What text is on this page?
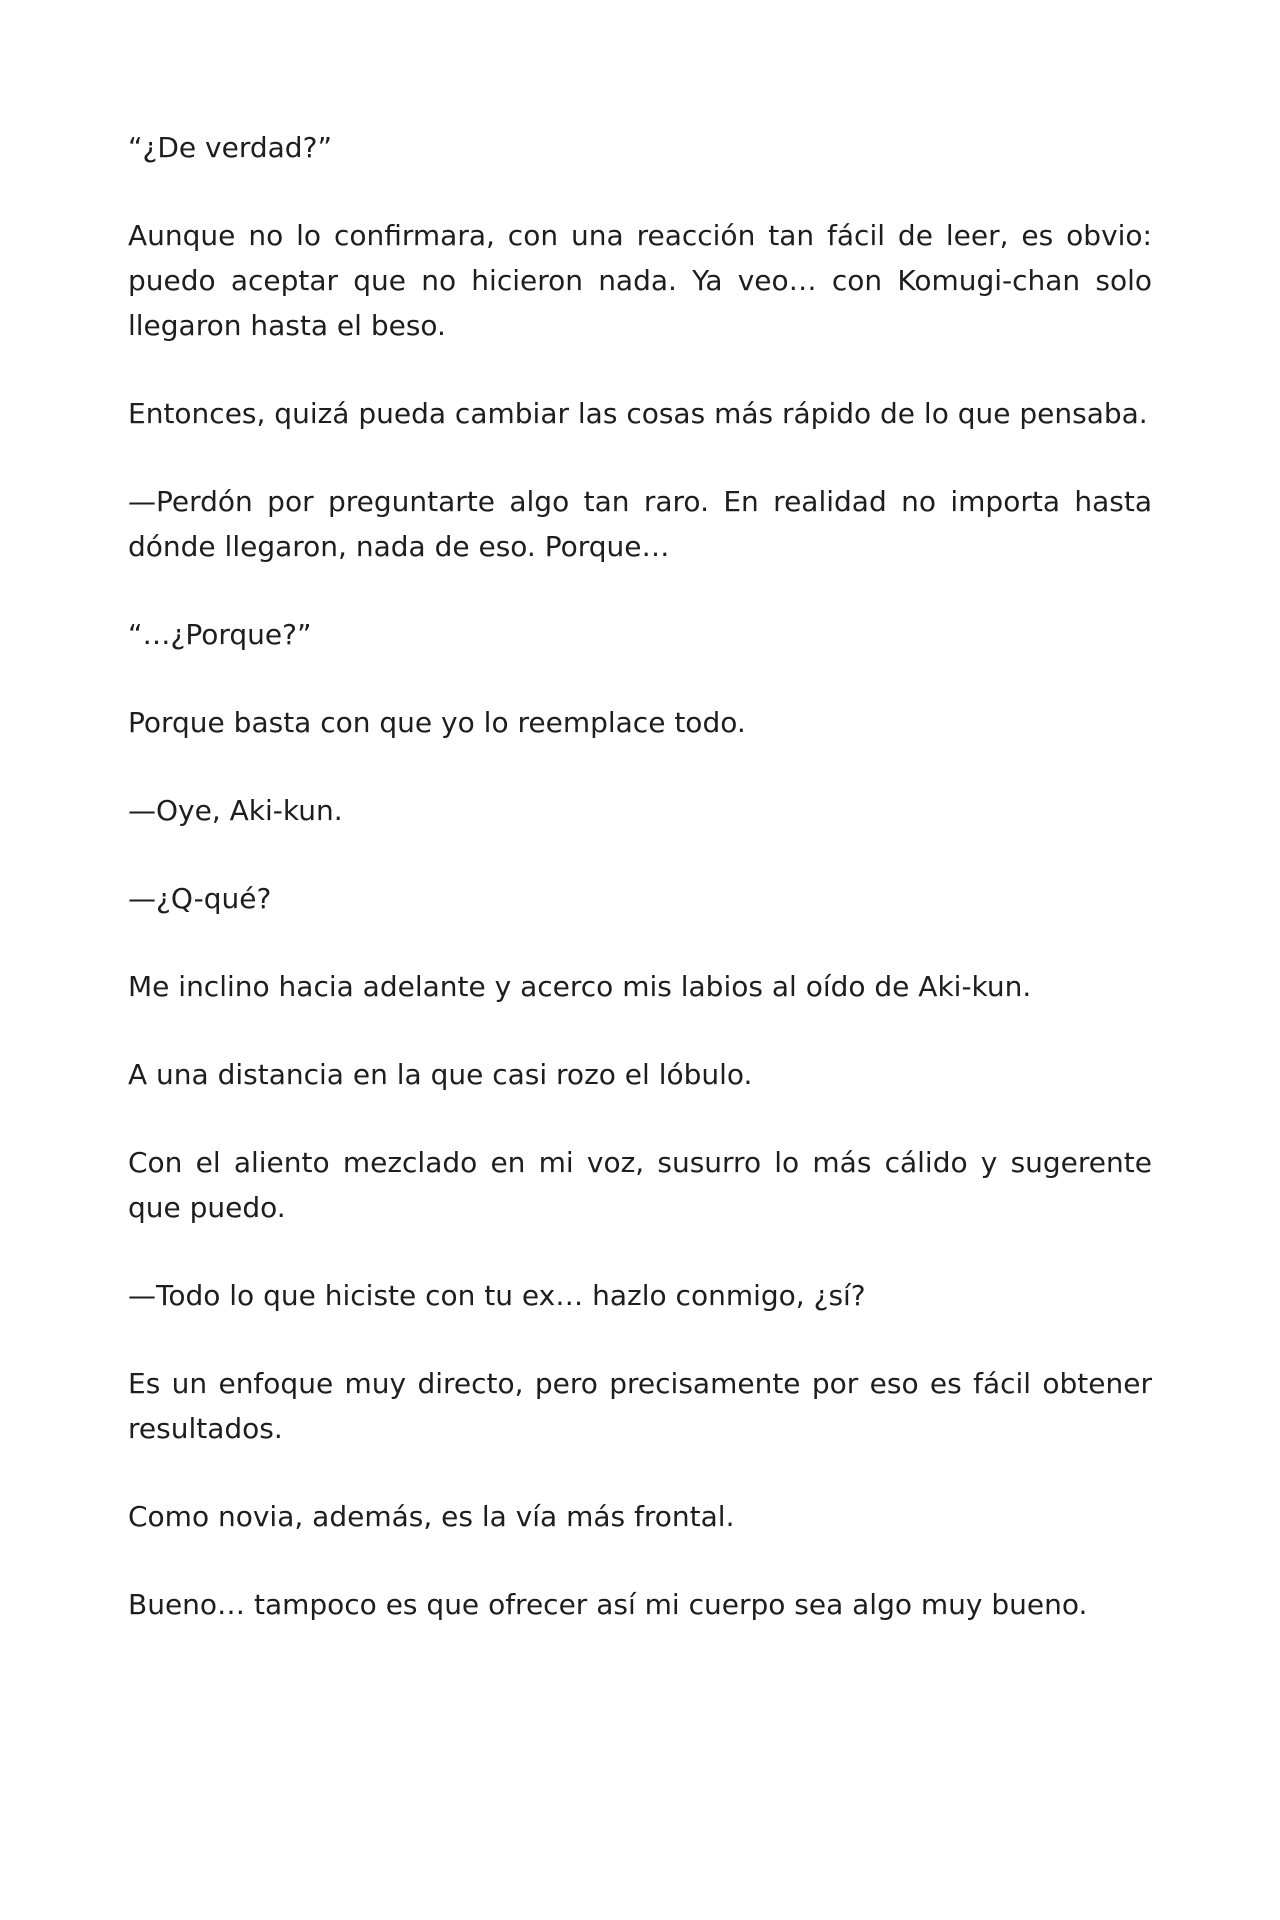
“¿De verdad?”

Aunque no lo confirmara, con una reacción tan fácil de leer, es obvio: puedo aceptar que no hicieron nada. Ya veo… con Komugi-chan solo llegaron hasta el beso.

Entonces, quizá pueda cambiar las cosas más rápido de lo que pensaba.

—Perdón por preguntarte algo tan raro. En realidad no importa hasta dónde llegaron, nada de eso. Porque…

“…¿Porque?”

Porque basta con que yo lo reemplace todo.

—Oye, Aki-kun.

—¿Q-qué?

Me inclino hacia adelante y acerco mis labios al oído de Aki-kun.

A una distancia en la que casi rozo el lóbulo.

Con el aliento mezclado en mi voz, susurro lo más cálido y sugerente que puedo.

—Todo lo que hiciste con tu ex… hazlo conmigo, ¿sí?

Es un enfoque muy directo, pero precisamente por eso es fácil obtener resultados.

Como novia, además, es la vía más frontal.

Bueno… tampoco es que ofrecer así mi cuerpo sea algo muy bueno.
